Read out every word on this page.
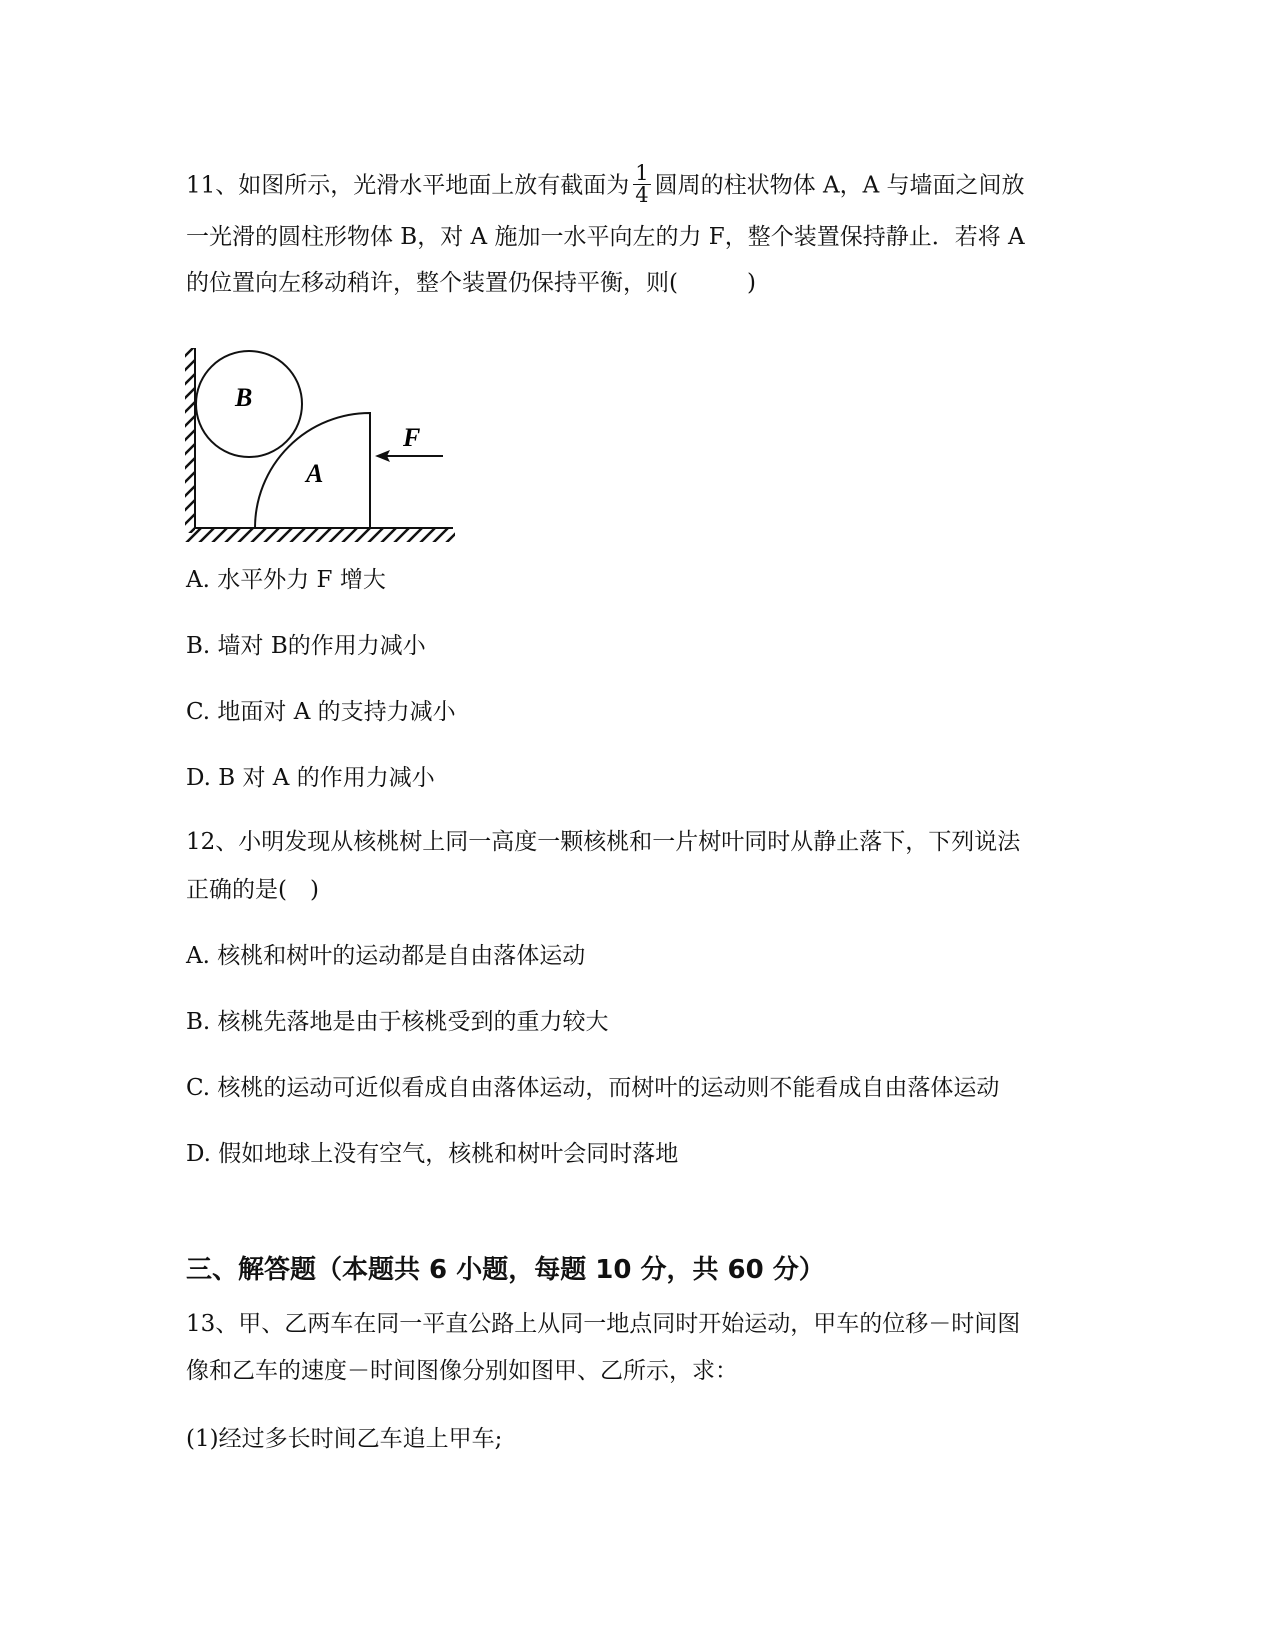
11、如图所示，光滑水平地面上放有截面为 $\frac{1}{4}$ 圆周的柱状物体 A，A 与墙面之间放
一光滑的圆柱形物体 B，对 A 施加一水平向左的力 F，整个装置保持静止．若将 A
的位置向左移动稍许，整个装置仍保持平衡，则(　　　)
B
A
F
A. 水平外力 F 增大
B. 墙对 B的作用力减小
C. 地面对 A 的支持力减小
D. B 对 A 的作用力减小
12、小明发现从核桃树上同一高度一颗核桃和一片树叶同时从静止落下，下列说法
正确的是(　)
A. 核桃和树叶的运动都是自由落体运动
B. 核桃先落地是由于核桃受到的重力较大
C. 核桃的运动可近似看成自由落体运动，而树叶的运动则不能看成自由落体运动
D. 假如地球上没有空气，核桃和树叶会同时落地
三、解答题（本题共 6 小题，每题 10 分，共 60 分）
13、甲、乙两车在同一平直公路上从同一地点同时开始运动，甲车的位移－时间图
像和乙车的速度－时间图像分别如图甲、乙所示，求：
(1)经过多长时间乙车追上甲车;
